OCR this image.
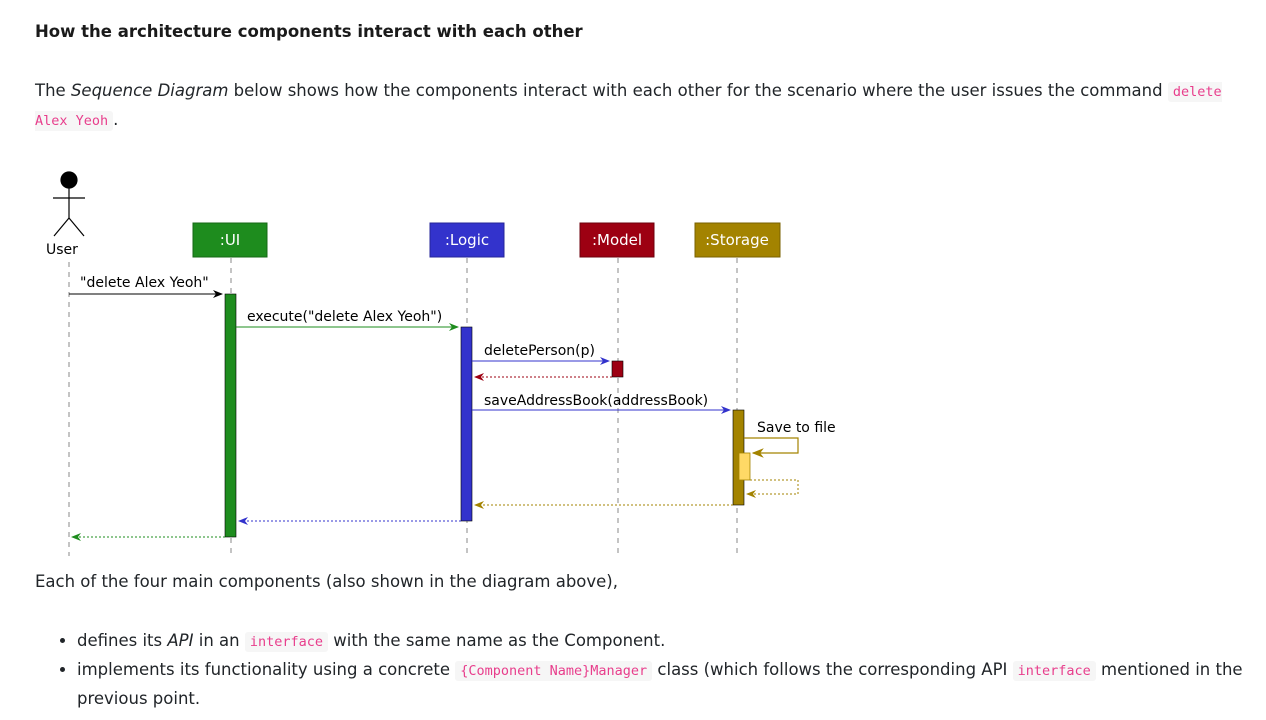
How the architecture components interact with each other

The Sequence Diagram below shows how the components interact with each other for the scenario where the user issues the command delete Alex Yeoh .

User
:UI	:Logic	:Model	:Storage
"delete Alex Yeoh"
execute("delete Alex Yeoh")
deletePerson(p)
saveAddressBook(addressBook)
Save to file

Each of the four main components (also shown in the diagram above),

• defines its API in an interface with the same name as the Component.
• implements its functionality using a concrete {Component Name}Manager class (which follows the corresponding API interface mentioned in the previous point.
